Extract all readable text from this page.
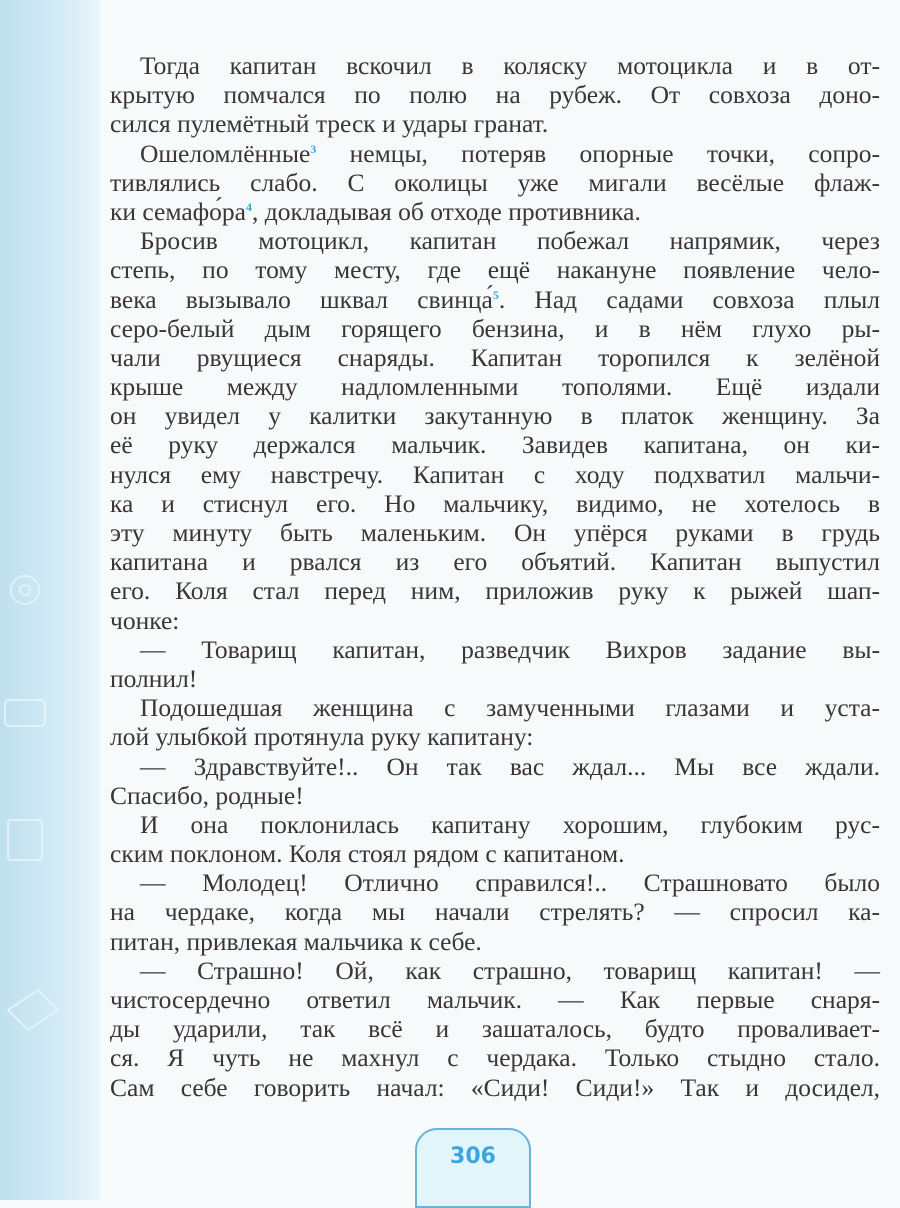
Тогда капитан вскочил в коляску мотоцикла и в от-
крытую помчался по полю на рубеж. От совхоза доно-
сился пулемётный треск и удары гранат.
Ошеломлённые$^3$ немцы, потеряв опорные точки, сопро-
тивлялись слабо. С околицы уже мигали весёлые флаж-
ки $семафо́ра^4$, докладывая об отходе противника.
Бросив мотоцикл, капитан побежал напрямик, через
степь, по тому месту, где ещё накануне появление чело-
века вызывало шквал свинца́$^5$. Над садами совхоза плыл
серо-белый дым горящего бензина, и в нём глухо ры-
чали рвущиеся снаряды. Капитан торопился к зелёной
крыше между надломленными тополями. Ещё издали
он увидел у калитки закутанную в платок женщину. За
её руку держался мальчик. Завидев капитана, он ки-
нулся ему навстречу. Капитан с ходу подхватил мальчи-
ка и стиснул его. Но мальчику, видимо, не хотелось в
эту минуту быть маленьким. Он упёрся руками в грудь
капитана и рвался из его объятий. Капитан выпустил
его. Коля стал перед ним, приложив руку к рыжей шап-
чонке:
— Товарищ капитан, разведчик Вихров задание вы-
полнил!
Подошедшая женщина с замученными глазами и уста-
лой улыбкой протянула руку капитану:
— Здравствуйте!.. Он так вас ждал... Мы все ждали.
Спасибо, родные!
И она поклонилась капитану хорошим, глубоким рус-
ским поклоном. Коля стоял рядом с капитаном.
— Молодец! Отлично справился!.. Страшновато было
на чердаке, когда мы начали стрелять? — спросил ка-
питан, привлекая мальчика к себе.
— Страшно! Ой, как страшно, товарищ капитан! —
чистосердечно ответил мальчик. — Как первые снаря-
ды ударили, так всё и зашаталось, будто проваливает-
ся. Я чуть не махнул с чердака. Только стыдно стало.
Сам себе говорить начал: «Сиди! Сиди!» Так и досидел,
306
